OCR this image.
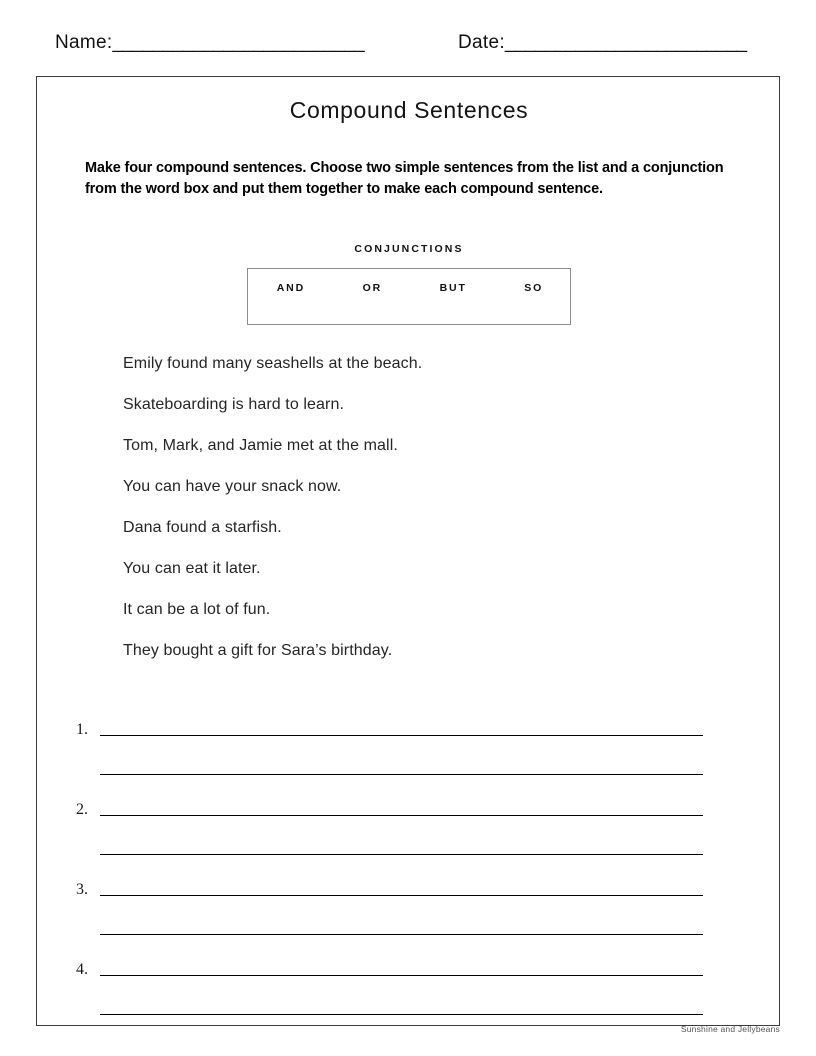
Name:_________________________	Date:________________________
Compound Sentences
Make four compound sentences. Choose two simple sentences from the list and a conjunction from the word box and put them together to make each compound sentence.
CONJUNCTIONS
AND	OR	BUT	SO
Emily found many seashells at the beach.
Skateboarding is hard to learn.
Tom, Mark, and Jamie met at the mall.
You can have your snack now.
Dana found a starfish.
You can eat it later.
It can be a lot of fun.
They bought a gift for Sara’s birthday.
1.
2.
3.
4.
Sunshine and Jellybeans
